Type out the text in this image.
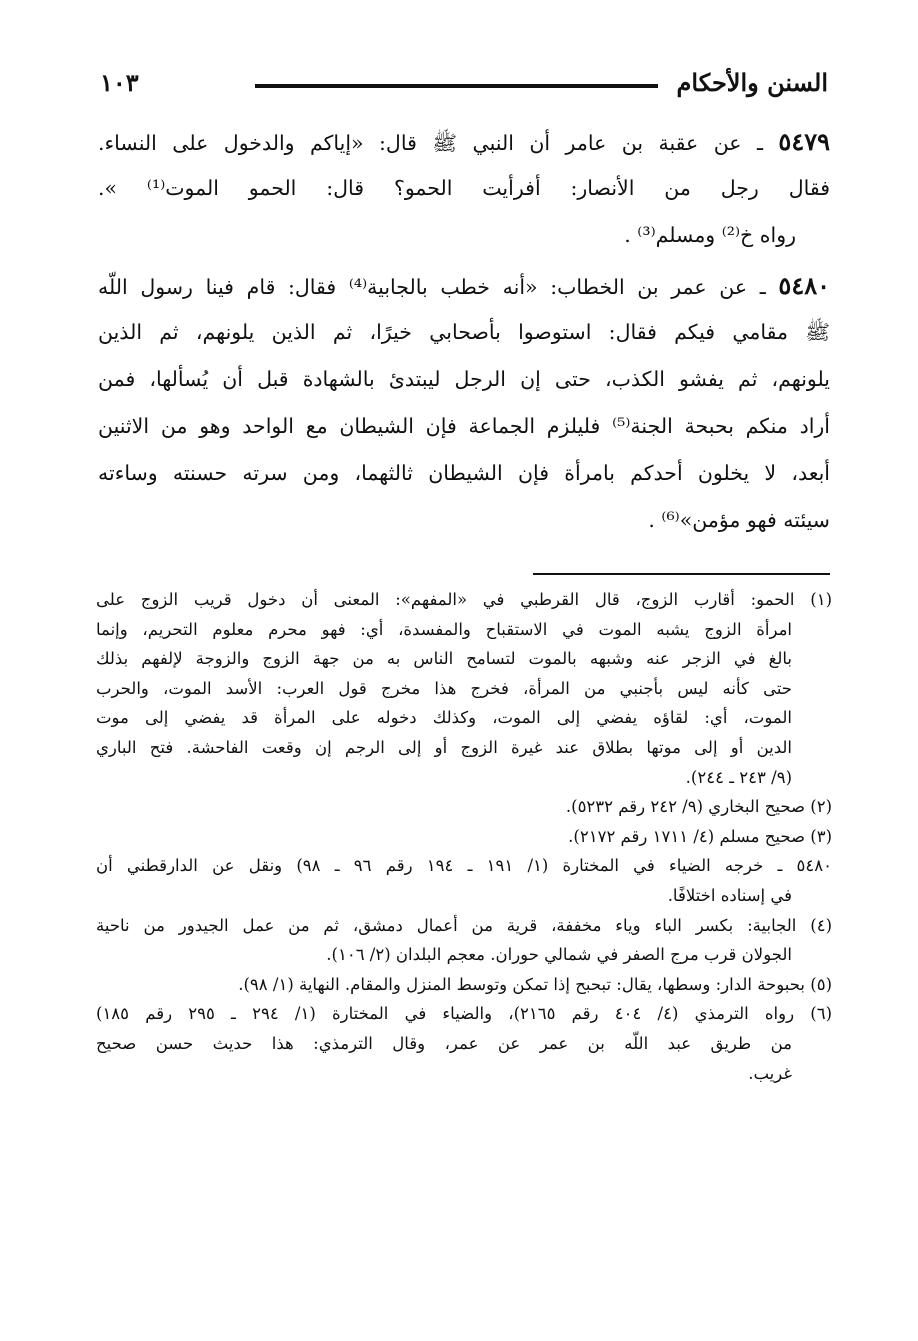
السنن والأحكام
١٠٣
٥٤٧٩ ـ عن عقبة بن عامر أن النبي ﷺ قال: «إياكم والدخول على النساء.
فقال رجل من الأنصار: أفرأيت الحمو؟ قال: الحمو الموت⁽¹⁾ ».
رواه خ⁽²⁾ ومسلم⁽³⁾ .
٥٤٨٠ ـ عن عمر بن الخطاب: «أنه خطب بالجابية⁽⁴⁾ فقال: قام فينا رسول اللّه
ﷺ مقامي فيكم فقال: استوصوا بأصحابي خيرًا، ثم الذين يلونهم، ثم الذين
يلونهم، ثم يفشو الكذب، حتى إن الرجل ليبتدئ بالشهادة قبل أن يُسألها، فمن
أراد منكم بحبحة الجنة⁽⁵⁾ فليلزم الجماعة فإن الشيطان مع الواحد وهو من الاثنين
أبعد، لا يخلون أحدكم بامرأة فإن الشيطان ثالثهما، ومن سرته حسنته وساءته
سيئته فهو مؤمن»⁽⁶⁾ .
(١) الحمو: أقارب الزوج، قال القرطبي في «المفهم»: المعنى أن دخول قريب الزوج على
امرأة الزوج يشبه الموت في الاستقباح والمفسدة، أي: فهو محرم معلوم التحريم، وإنما
بالغ في الزجر عنه وشبهه بالموت لتسامح الناس به من جهة الزوج والزوجة لإلفهم بذلك
حتى كأنه ليس بأجنبي من المرأة، فخرج هذا مخرج قول العرب: الأسد الموت، والحرب
الموت، أي: لقاؤه يفضي إلى الموت، وكذلك دخوله على المرأة قد يفضي إلى موت
الدين أو إلى موتها بطلاق عند غيرة الزوج أو إلى الرجم إن وقعت الفاحشة. فتح الباري
(٩/ ٢٤٣ ـ ٢٤٤).
(٢) صحيح البخاري (٩/ ٢٤٢ رقم ٥٢٣٢).
(٣) صحيح مسلم (٤/ ١٧١١ رقم ٢١٧٢).
٥٤٨٠ ـ خرجه الضياء في المختارة (١/ ١٩١ ـ ١٩٤ رقم ٩٦ ـ ٩٨) ونقل عن الدارقطني أن
في إسناده اختلافًا.
(٤) الجابية: بكسر الباء وياء مخففة، قرية من أعمال دمشق، ثم من عمل الجيدور من ناحية
الجولان قرب مرج الصفر في شمالي حوران. معجم البلدان (٢/ ١٠٦).
(٥) بحبوحة الدار: وسطها، يقال: تبحبح إذا تمكن وتوسط المنزل والمقام. النهاية (١/ ٩٨).
(٦) رواه الترمذي (٤/ ٤٠٤ رقم ٢١٦٥)، والضياء في المختارة (١/ ٢٩٤ ـ ٢٩٥ رقم ١٨٥)
من طريق عبد اللّه بن عمر عن عمر، وقال الترمذي: هذا حديث حسن صحيح
غريب.
